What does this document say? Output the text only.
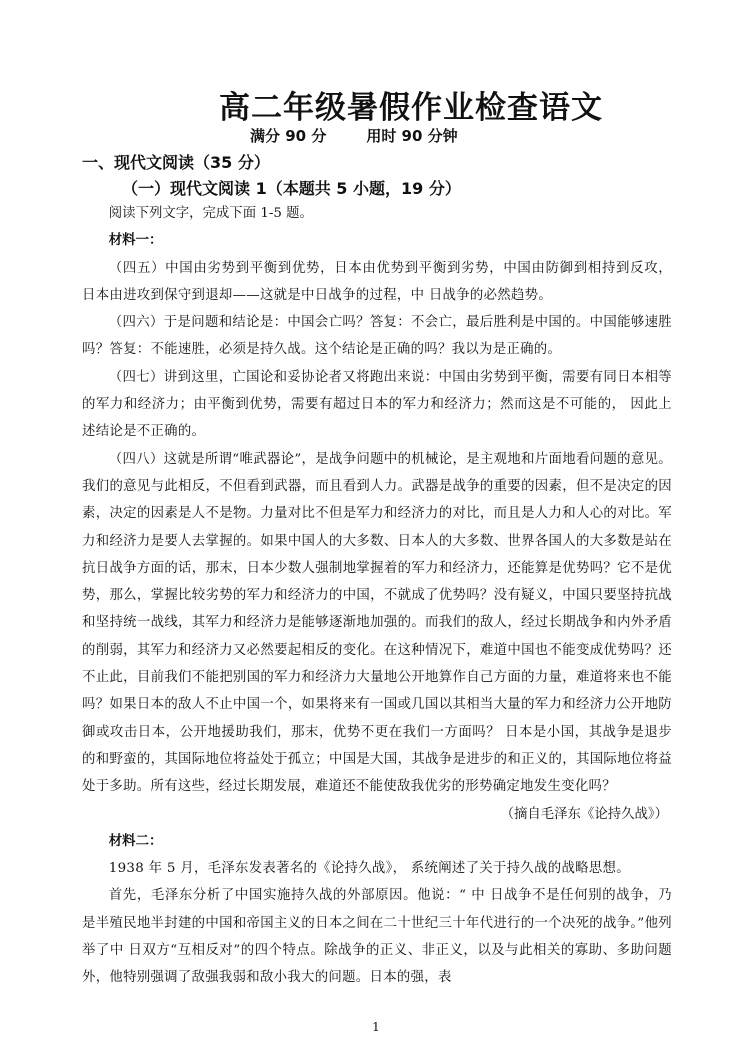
高二年级暑假作业检查语文
满分 90 分	用时 90 分钟
一、现代文阅读（35 分）
（一）现代文阅读 1（本题共 5 小题，19 分）

阅读下列文字，完成下面 1-5 题。

材料一：

（四五）中国由劣势到平衡到优势，日本由优势到平衡到劣势，中国由防御到相持到反攻， 日本由进攻到保守到退却——这就是中日战争的过程，中 日战争的必然趋势。

（四六）于是问题和结论是：中国会亡吗？答复：不会亡，最后胜利是中国的。中国能够速胜吗？答复：不能速胜，必须是持久战。这个结论是正确的吗？我以为是正确的。

（四七）讲到这里，亡国论和妥协论者又将跑出来说：中国由劣势到平衡，需要有同日本相等的军力和经济力；由平衡到优势，需要有超过日本的军力和经济力；然而这是不可能的， 因此上述结论是不正确的。

（四八）这就是所谓“唯武器论”，是战争问题中的机械论，是主观地和片面地看问题的意见。我们的意见与此相反，不但看到武器，而且看到人力。武器是战争的重要的因素，但不是决定的因素，决定的因素是人不是物。力量对比不但是军力和经济力的对比，而且是人力和人心的对比。军力和经济力是要人去掌握的。如果中国人的大多数、日本人的大多数、世界各国人的大多数是站在抗日战争方面的话，那末，日本少数人强制地掌握着的军力和经济力，还能算是优势吗？它不是优势，那么，掌握比较劣势的军力和经济力的中国，不就成了优势吗？没有疑义，中国只要坚持抗战和坚持统一战线，其军力和经济力是能够逐渐地加强的。而我们的敌人，经过长期战争和内外矛盾的削弱，其军力和经济力又必然要起相反的变化。在这种情况下，难道中国也不能变成优势吗？还不止此，目前我们不能把别国的军力和经济力大量地公开地算作自己方面的力量，难道将来也不能吗？如果日本的敌人不止中国一个，如果将来有一国或几国以其相当大量的军力和经济力公开地防御或攻击日本，公开地援助我们，那末，优势不更在我们一方面吗？ 日本是小国，其战争是退步的和野蛮的，其国际地位将益处于孤立；中国是大国，其战争是进步的和正义的，其国际地位将益处于多助。所有这些，经过长期发展，难道还不能使敌我优劣的形势确定地发生变化吗？

（摘自毛泽东《论持久战》）

材料二：

1938 年 5 月，毛泽东发表著名的《论持久战》， 系统阐述了关于持久战的战略思想。

首先，毛泽东分析了中国实施持久战的外部原因。他说：“ 中 日战争不是任何别的战争，乃是半殖民地半封建的中国和帝国主义的日本之间在二十世纪三十年代进行的一个决死的战争。”他列举了中 日双方“互相反对”的四个特点。除战争的正义、非正义，以及与此相关的寡助、多助问题外，他特别强调了敌强我弱和敌小我大的问题。日本的强，表

1
